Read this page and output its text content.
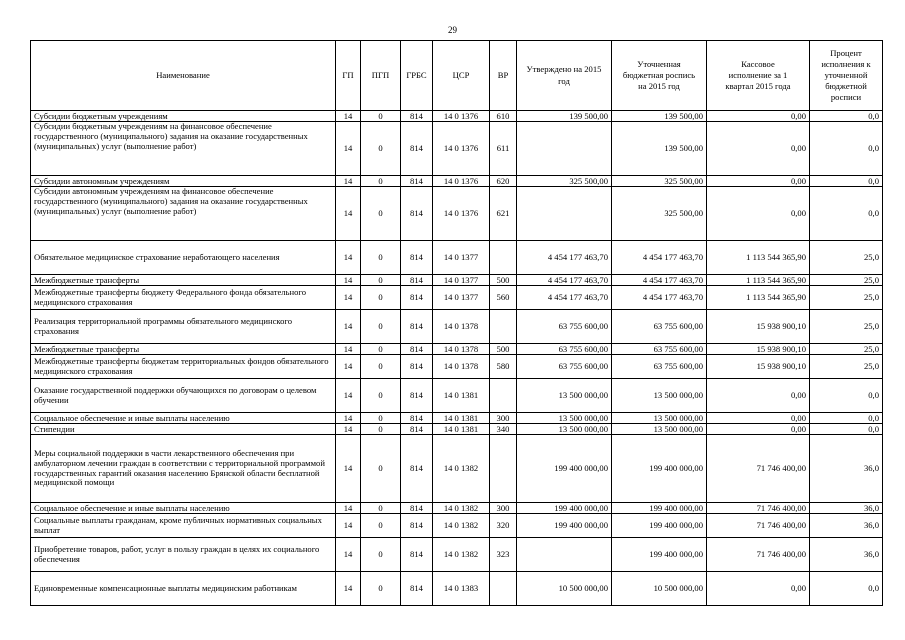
29
Наименование	ГП	ПГП	ГРБС	ЦСР	ВР	Утверждено на 2015 год	Уточненная бюджетная роспись на 2015 год	Кассовое исполнение за 1 квартал 2015 года	Процент исполнения к уточненной бюджетной росписи
Субсидии бюджетным учреждениям	14	0	814	14 0 1376	610	139 500,00	139 500,00	0,00	0,0
Субсидии бюджетным учреждениям на финансовое обеспечение государственного (муниципального) задания на оказание государственных (муниципальных) услуг (выполнение работ)	14	0	814	14 0 1376	611		139 500,00	0,00	0,0
Субсидии автономным учреждениям	14	0	814	14 0 1376	620	325 500,00	325 500,00	0,00	0,0
Субсидии автономным учреждениям на финансовое обеспечение государственного (муниципального) задания на оказание государственных (муниципальных) услуг (выполнение работ)	14	0	814	14 0 1376	621		325 500,00	0,00	0,0
Обязательное медицинское страхование неработающего населения	14	0	814	14 0 1377		4 454 177 463,70	4 454 177 463,70	1 113 544 365,90	25,0
Межбюджетные трансферты	14	0	814	14 0 1377	500	4 454 177 463,70	4 454 177 463,70	1 113 544 365,90	25,0
Межбюджетные трансферты бюджету Федерального фонда обязательного медицинского страхования	14	0	814	14 0 1377	560	4 454 177 463,70	4 454 177 463,70	1 113 544 365,90	25,0
Реализация территориальной программы обязательного медицинского страхования	14	0	814	14 0 1378		63 755 600,00	63 755 600,00	15 938 900,10	25,0
Межбюджетные трансферты	14	0	814	14 0 1378	500	63 755 600,00	63 755 600,00	15 938 900,10	25,0
Межбюджетные трансферты бюджетам территориальных фондов обязательного медицинского страхования	14	0	814	14 0 1378	580	63 755 600,00	63 755 600,00	15 938 900,10	25,0
Оказание государственной поддержки обучающихся по договорам о целевом обучении	14	0	814	14 0 1381		13 500 000,00	13 500 000,00	0,00	0,0
Социальное обеспечение и иные выплаты населению	14	0	814	14 0 1381	300	13 500 000,00	13 500 000,00	0,00	0,0
Стипендии	14	0	814	14 0 1381	340	13 500 000,00	13 500 000,00	0,00	0,0
Меры социальной поддержки в части лекарственного обеспечения при амбулаторном лечении граждан в соответствии с территориальной программой государственных гарантий оказания населению Брянской области бесплатной медицинской помощи	14	0	814	14 0 1382		199 400 000,00	199 400 000,00	71 746 400,00	36,0
Социальное обеспечение и иные выплаты населению	14	0	814	14 0 1382	300	199 400 000,00	199 400 000,00	71 746 400,00	36,0
Социальные выплаты гражданам, кроме публичных нормативных социальных выплат	14	0	814	14 0 1382	320	199 400 000,00	199 400 000,00	71 746 400,00	36,0
Приобретение товаров, работ, услуг в пользу граждан в целях их социального обеспечения	14	0	814	14 0 1382	323		199 400 000,00	71 746 400,00	36,0
Единовременные компенсационные выплаты медицинским работникам	14	0	814	14 0 1383		10 500 000,00	10 500 000,00	0,00	0,0
